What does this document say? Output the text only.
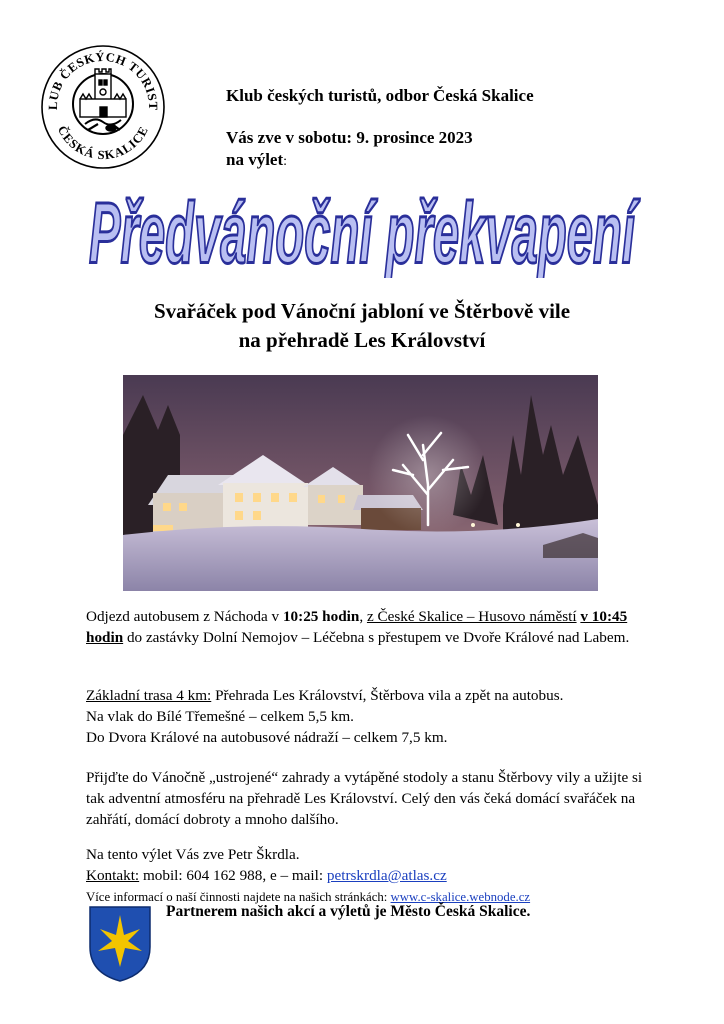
LUB ČESKÝCH TURIST
ČESKÁ SKALICE
Klub českých turistů, odbor Česká Skalice
Vás zve v sobotu: 9. prosince 2023
na výlet:
Předvánoční překvapení
Svařáček pod Vánoční jabloní ve Štěrbově vile
na přehradě Les Království
Odjezd autobusem z Náchoda v 10:25 hodin, z České Skalice – Husovo náměstí v 10:45 hodin do zastávky Dolní Nemojov – Léčebna s přestupem ve Dvoře Králové nad Labem.
Základní trasa 4 km: Přehrada Les Království, Štěrbova vila a zpět na autobus.
Na vlak do Bílé Třemešné – celkem 5,5 km.
Do Dvora Králové na autobusové nádraží – celkem 7,5 km.
Přijďte do Vánočně „ustrojené“ zahrady a vytápěné stodoly a stanu Štěrbovy vily a užijte si tak adventní atmosféru na přehradě Les Království. Celý den vás čeká domácí svařáček na zahřátí, domácí dobroty a mnoho dalšího.
Na tento výlet Vás zve Petr Škrdla.
Kontakt: mobil: 604 162 988, e – mail: petrskrdla@atlas.cz
Více informací o naší činnosti najdete na našich stránkách: www.c-skalice.webnode.cz
Partnerem našich akcí a výletů je Město Česká Skalice.
